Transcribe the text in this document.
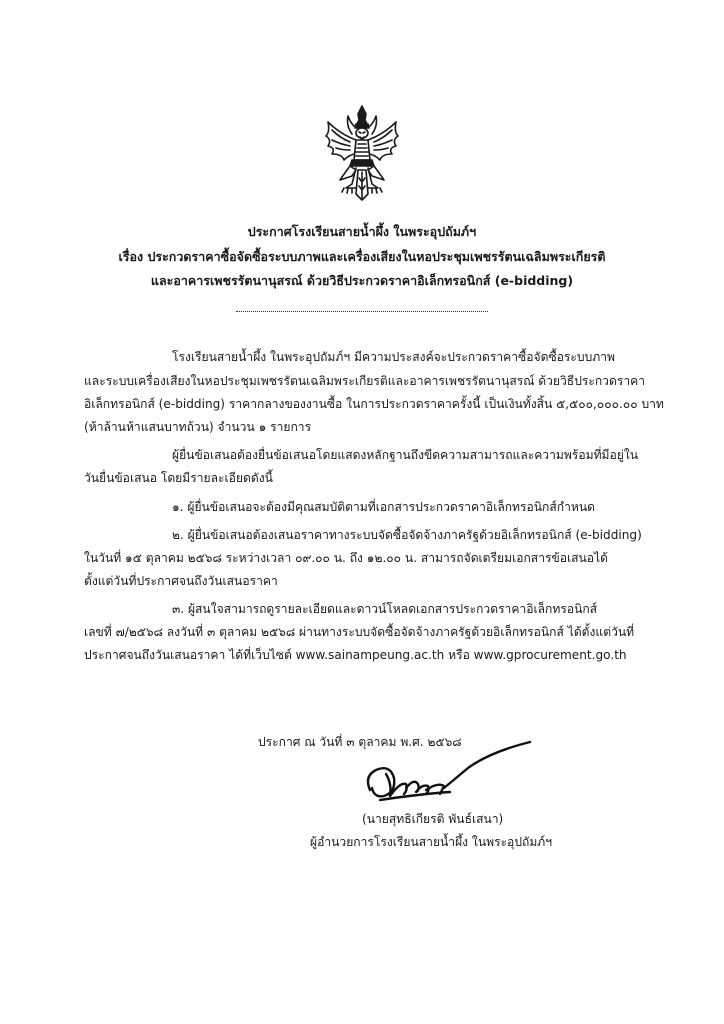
ประกาศโรงเรียนสายน้ำผึ้ง ในพระอุปถัมภ์ฯ
เรื่อง ประกวดราคาซื้อจัดซื้อระบบภาพและเครื่องเสียงในหอประชุมเพชรรัตนเฉลิมพระเกียรติ
และอาคารเพชรรัตนานุสรณ์ ด้วยวิธีประกวดราคาอิเล็กทรอนิกส์ (e-bidding)
โรงเรียนสายน้ำผึ้ง ในพระอุปถัมภ์ฯ มีความประสงค์จะประกวดราคาซื้อจัดซื้อระบบภาพ
และระบบเครื่องเสียงในหอประชุมเพชรรัตนเฉลิมพระเกียรติและอาคารเพชรรัตนานุสรณ์ ด้วยวิธีประกวดราคา
อิเล็กทรอนิกส์ (e-bidding) ราคากลางของงานซื้อ ในการประกวดราคาครั้งนี้ เป็นเงินทั้งสิ้น ๕,๕๐๐,๐๐๐.๐๐ บาท
(ห้าล้านห้าแสนบาทถ้วน) จำนวน ๑ รายการ
ผู้ยื่นข้อเสนอต้องยื่นข้อเสนอโดยแสดงหลักฐานถึงขีดความสามารถและความพร้อมที่มีอยู่ใน
วันยื่นข้อเสนอ โดยมีรายละเอียดดังนี้
๑. ผู้ยื่นข้อเสนอจะต้องมีคุณสมบัติตามที่เอกสารประกวดราคาอิเล็กทรอนิกส์กำหนด
๒. ผู้ยื่นข้อเสนอต้องเสนอราคาทางระบบจัดซื้อจัดจ้างภาครัฐด้วยอิเล็กทรอนิกส์ (e-bidding)
ในวันที่ ๑๕ ตุลาคม ๒๕๖๘ ระหว่างเวลา ๐๙.๐๐ น. ถึง ๑๒.๐๐ น. สามารถจัดเตรียมเอกสารข้อเสนอได้
ตั้งแต่วันที่ประกาศจนถึงวันเสนอราคา
๓. ผู้สนใจสามารถดูรายละเอียดและดาวน์โหลดเอกสารประกวดราคาอิเล็กทรอนิกส์
เลขที่ ๗/๒๕๖๘ ลงวันที่ ๓ ตุลาคม ๒๕๖๘ ผ่านทางระบบจัดซื้อจัดจ้างภาครัฐด้วยอิเล็กทรอนิกส์ ได้ตั้งแต่วันที่
ประกาศจนถึงวันเสนอราคา ได้ที่เว็บไซต์ www.sainampeung.ac.th หรือ www.gprocurement.go.th
ประกาศ ณ วันที่ ๓ ตุลาคม พ.ศ. ๒๕๖๘
(นายสุทธิเกียรติ พันธ์เสนา)
ผู้อำนวยการโรงเรียนสายน้ำผึ้ง ในพระอุปถัมภ์ฯ
